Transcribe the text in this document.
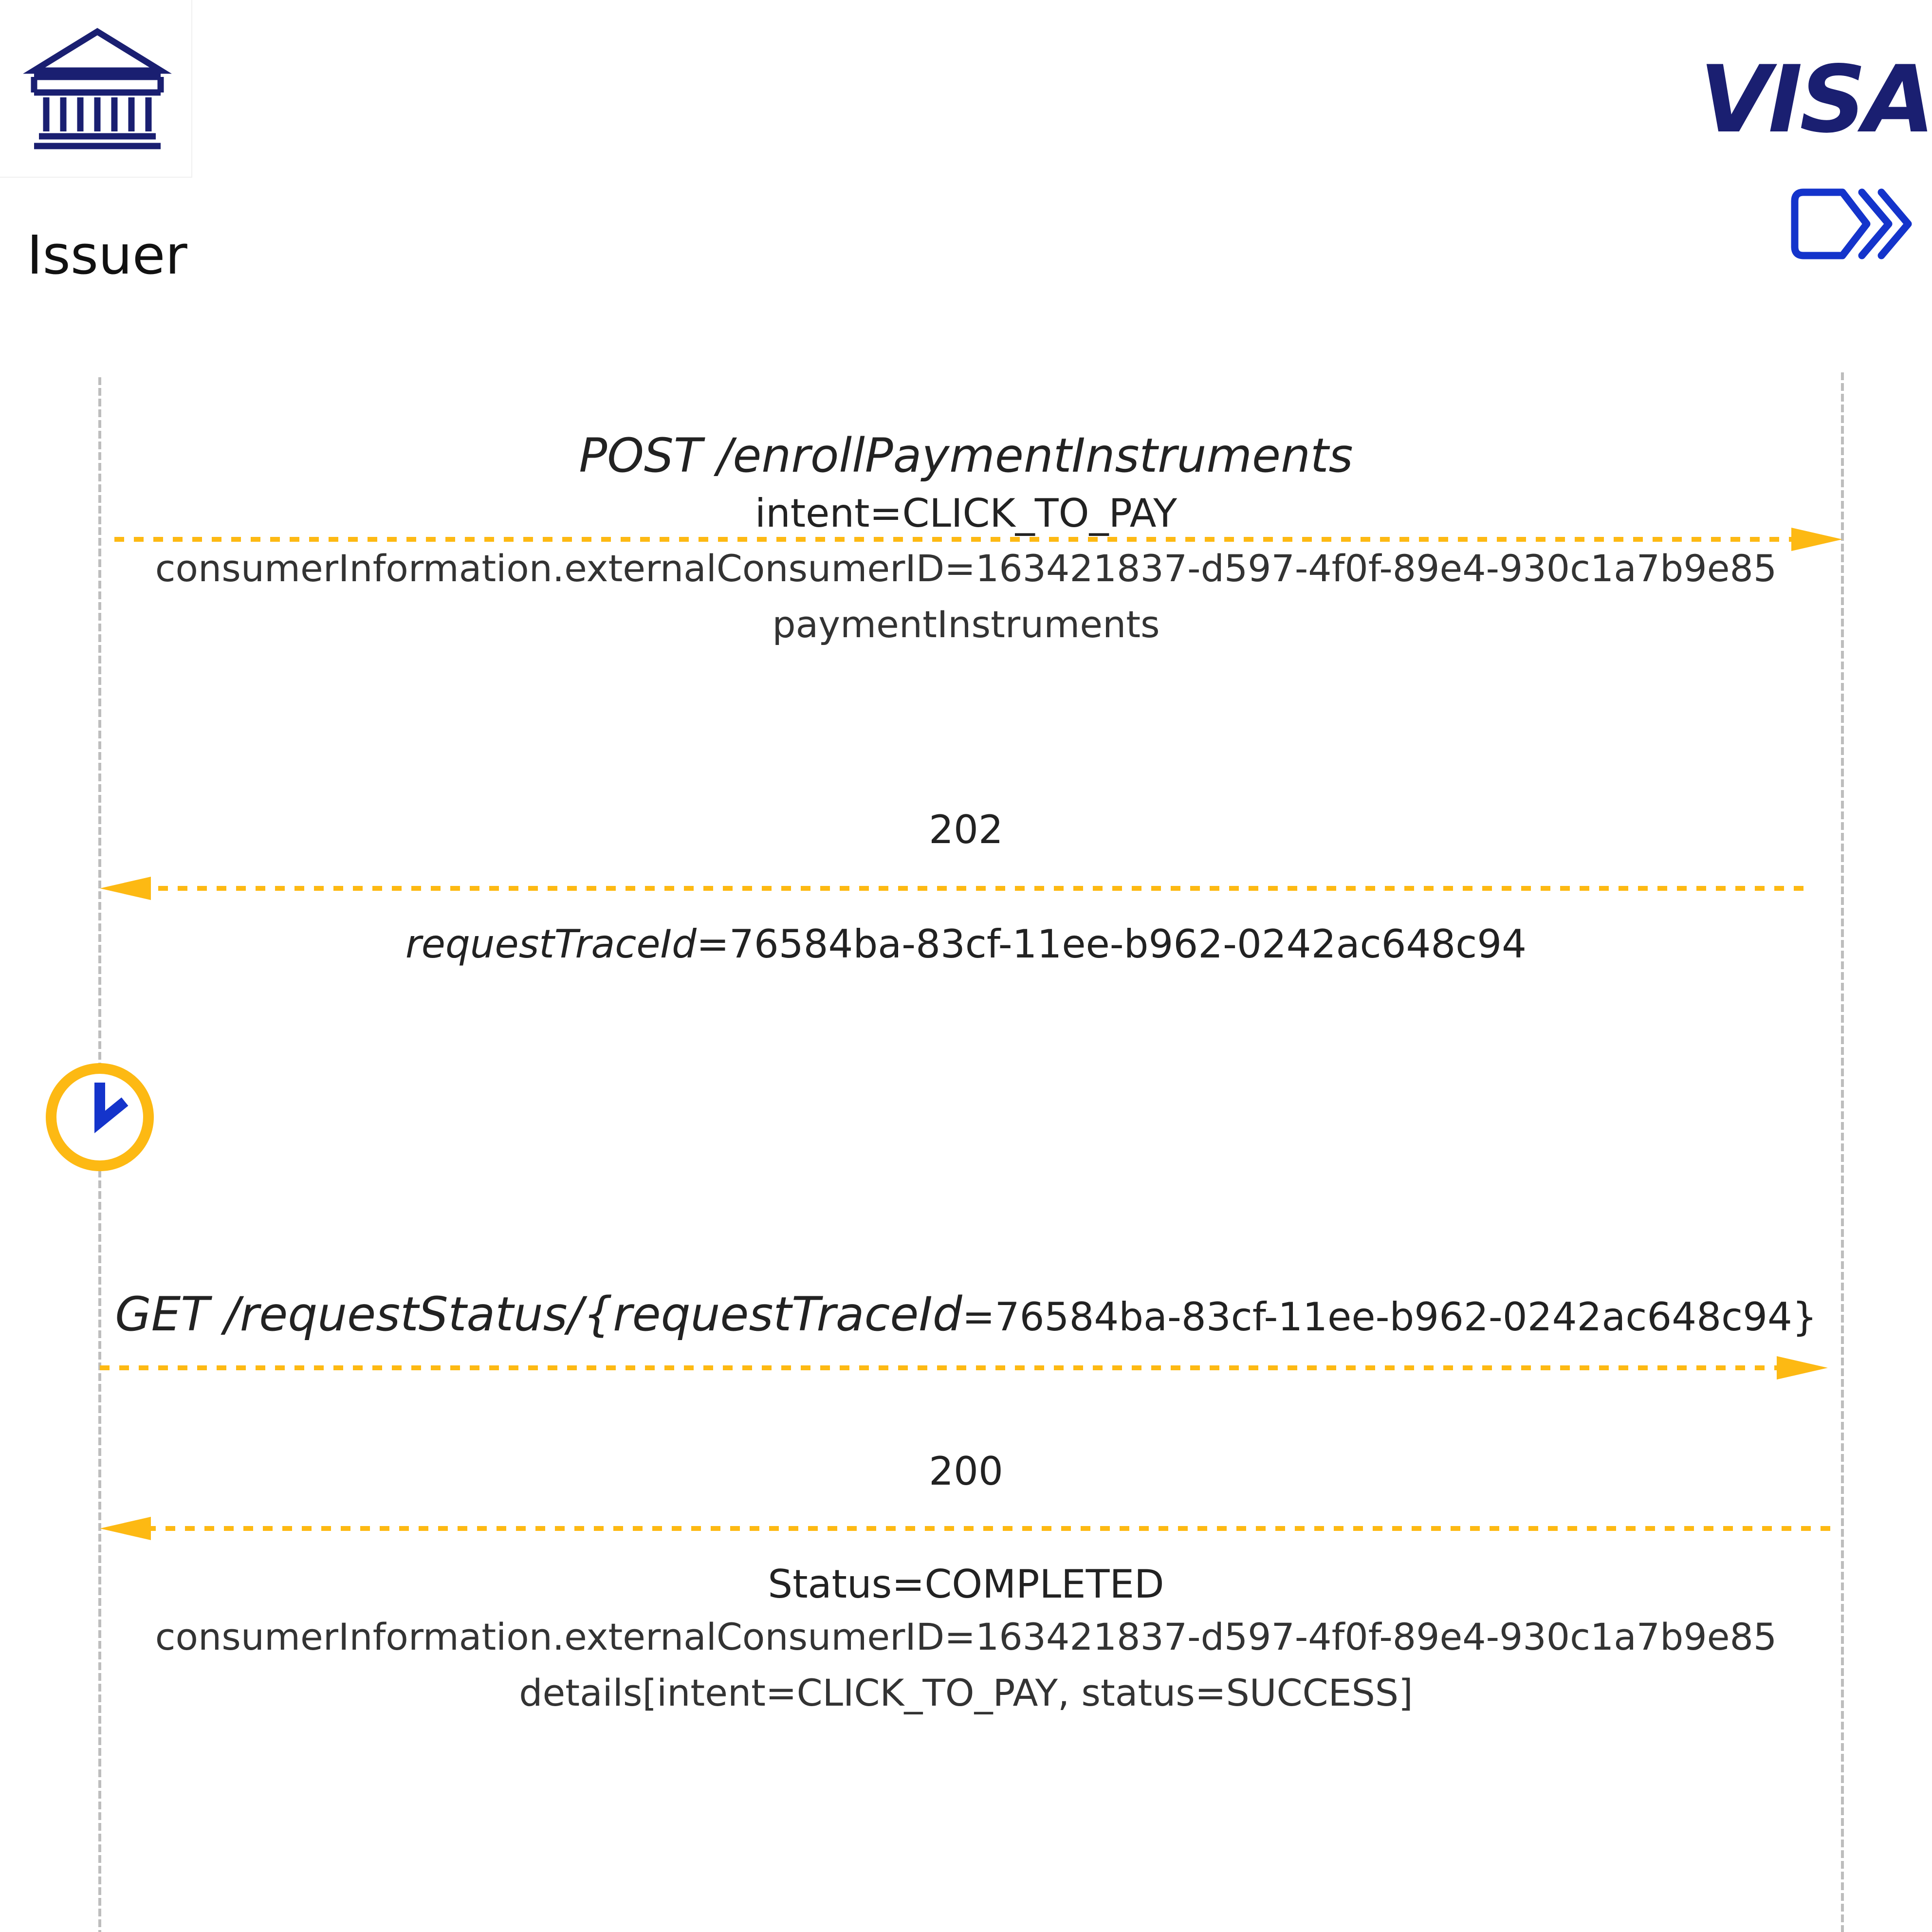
Issuer
VISA
POST /enrollPaymentInstruments
intent=CLICK_TO_PAY
consumerInformation.externalConsumerID=163421837-d597-4f0f-89e4-930c1a7b9e85
paymentInstruments
202
requestTraceId=76584ba-83cf-11ee-b962-0242ac648c94
GET /requestStatus/{requestTraceId=76584ba-83cf-11ee-b962-0242ac648c94}
200
Status=COMPLETED
consumerInformation.externalConsumerID=163421837-d597-4f0f-89e4-930c1a7b9e85
details[intent=CLICK_TO_PAY, status=SUCCESS]
